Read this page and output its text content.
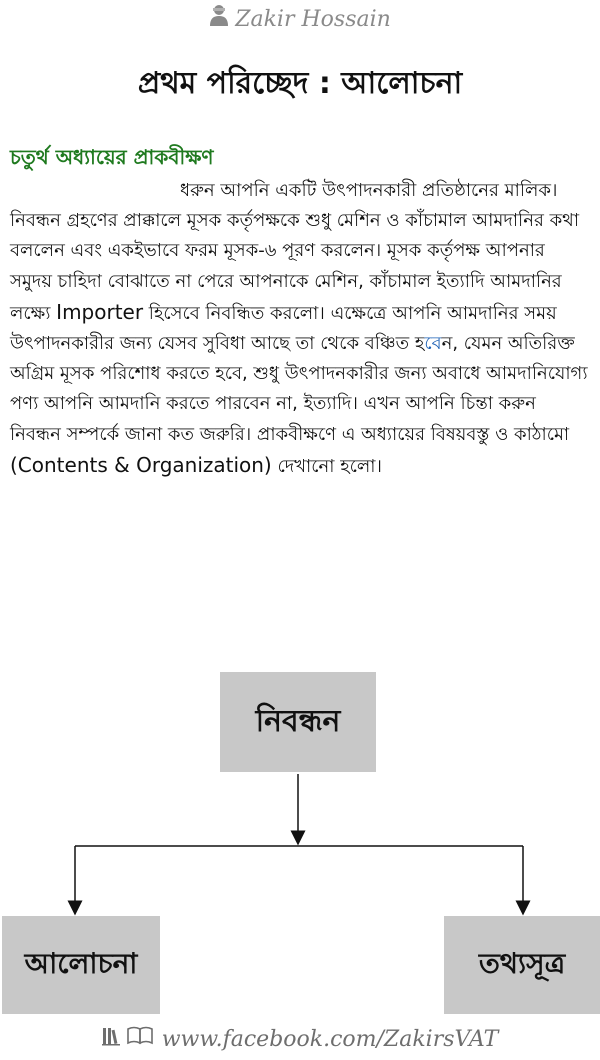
Zakir Hossain
প্রথম পরিচ্ছেদ : আলোচনা
চতুর্থ অধ্যায়ের প্রাকবীক্ষণ
ধরুন আপনি একটি উৎপাদনকারী প্রতিষ্ঠানের মালিক। নিবন্ধন গ্রহণের প্রাক্কালে মূসক কর্তৃপক্ষকে শুধু মেশিন ও কাঁচামাল আমদানির কথা বললেন এবং একইভাবে ফরম মূসক-৬ পূরণ করলেন। মূসক কর্তৃপক্ষ আপনার সমুদয় চাহিদা বোঝাতে না পেরে আপনাকে মেশিন, কাঁচামাল ইত্যাদি আমদানির লক্ষ্যে Importer হিসেবে নিবন্ধিত করলো। এক্ষেত্রে আপনি আমদানির সময় উৎপাদনকারীর জন্য যেসব সুবিধা আছে তা থেকে বঞ্চিত হবেন, যেমন অতিরিক্ত অগ্রিম মূসক পরিশোধ করতে হবে, শুধু উৎপাদনকারীর জন্য অবাধে আমদানিযোগ্য পণ্য আপনি আমদানি করতে পারবেন না, ইত্যাদি। এখন আপনি চিন্তা করুন নিবন্ধন সম্পর্কে জানা কত জরুরি। প্রাকবীক্ষণে এ অধ্যায়ের বিষয়বস্তু ও কাঠামো (Contents & Organization) দেখানো হলো।
নিবন্ধন
আলোচনা	তথ্যসূত্র
www.facebook.com/ZakirsVAT
